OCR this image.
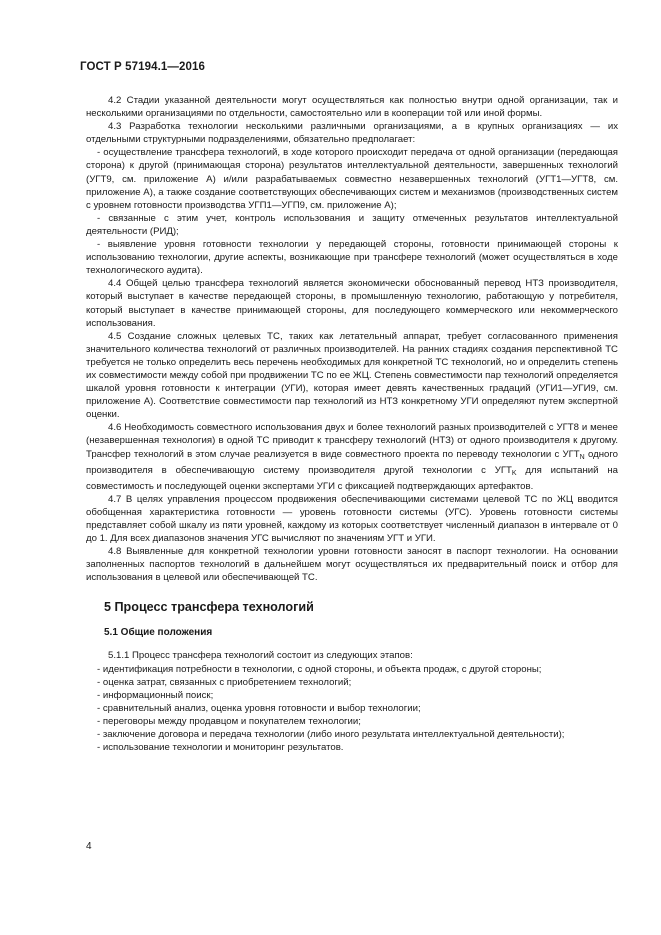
ГОСТ Р 57194.1—2016

4.2 Стадии указанной деятельности могут осуществляться как полностью внутри одной организации, так и несколькими организациями по отдельности, самостоятельно или в кооперации той или иной формы.

4.3 Разработка технологии несколькими различными организациями, а в крупных организациях — их отдельными структурными подразделениями, обязательно предполагает:

- осуществление трансфера технологий, в ходе которого происходит передача от одной организации (передающая сторона) к другой (принимающая сторона) результатов интеллектуальной деятельности, завершенных технологий (УГТ9, см. приложение А) и/или разрабатываемых совместно незавершенных технологий (УГТ1—УГТ8, см. приложение А), а также создание соответствующих обеспечивающих систем и механизмов (производственных систем с уровнем готовности производства УГП1—УГП9, см. приложение А);

- связанные с этим учет, контроль использования и защиту отмеченных результатов интеллектуальной деятельности (РИД);

- выявление уровня готовности технологии у передающей стороны, готовности принимающей стороны к использованию технологии, другие аспекты, возникающие при трансфере технологий (может осуществляться в ходе технологического аудита).

4.4 Общей целью трансфера технологий является экономически обоснованный перевод НТЗ производителя, который выступает в качестве передающей стороны, в промышленную технологию, работающую у потребителя, который выступает в качестве принимающей стороны, для последующего коммерческого или некоммерческого использования.

4.5 Создание сложных целевых ТС, таких как летательный аппарат, требует согласованного применения значительного количества технологий от различных производителей. На ранних стадиях создания перспективной ТС требуется не только определить весь перечень необходимых для конкретной ТС технологий, но и определить степень их совместимости между собой при продвижении ТС по ее ЖЦ. Степень совместимости пар технологий определяется шкалой уровня готовности к интеграции (УГИ), которая имеет девять качественных градаций (УГИ1—УГИ9, см. приложение А). Соответствие совместимости пар технологий из НТЗ конкретному УГИ определяют путем экспертной оценки.

4.6 Необходимость совместного использования двух и более технологий разных производителей с УГТ8 и менее (незавершенная технология) в одной ТС приводит к трансферу технологий (НТЗ) от одного производителя к другому. Трансфер технологий в этом случае реализуется в виде совместного проекта по переводу технологии с $УГТ_N$ одного производителя в обеспечивающую систему производителя другой технологии с $УГТ_K$ для испытаний на совместимость и последующей оценки экспертами УГИ с фиксацией подтверждающих артефактов.

4.7 В целях управления процессом продвижения обеспечивающими системами целевой ТС по ЖЦ вводится обобщенная характеристика готовности — уровень готовности системы (УГС). Уровень готовности системы представляет собой шкалу из пяти уровней, каждому из которых соответствует численный диапазон в интервале от 0 до 1. Для всех диапазонов значения УГС вычисляют по значениям УГТ и УГИ.

4.8 Выявленные для конкретной технологии уровни готовности заносят в паспорт технологии. На основании заполненных паспортов технологий в дальнейшем могут осуществляться их предварительный поиск и отбор для использования в целевой или обеспечивающей ТС.

5 Процесс трансфера технологий
5.1 Общие положения

5.1.1 Процесс трансфера технологий состоит из следующих этапов:

- идентификация потребности в технологии, с одной стороны, и объекта продаж, с другой стороны;

- оценка затрат, связанных с приобретением технологий;

- информационный поиск;

- сравнительный анализ, оценка уровня готовности и выбор технологии;

- переговоры между продавцом и покупателем технологии;

- заключение договора и передача технологии (либо иного результата интеллектуальной деятельности);

- использование технологии и мониторинг результатов.

4
